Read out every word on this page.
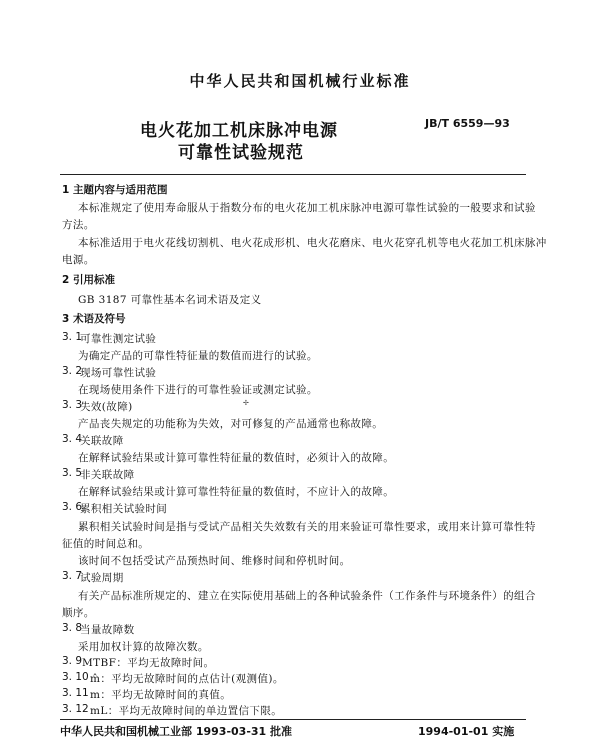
中华人民共和国机械行业标准
电火花加工机床脉冲电源
可靠性试验规范
JB/T 6559—93
1 主题内容与适用范围
本标准规定了使用寿命服从于指数分布的电火花加工机床脉冲电源可靠性试验的一般要求和试验
方法。
本标准适用于电火花线切割机、电火花成形机、电火花磨床、电火花穿孔机等电火花加工机床脉冲
电源。
2 引用标准
GB 3187 可靠性基本名词术语及定义
3 术语及符号
3. 1
可靠性测定试验
为确定产品的可靠性特征量的数值而进行的试验。
3. 2
现场可靠性试验
在现场使用条件下进行的可靠性验证或测定试验。
3. 3
失效(故障)	✢
产品丧失规定的功能称为失效，对可修复的产品通常也称故障。
3. 4
关联故障
在解释试验结果或计算可靠性特征量的数值时，必须计入的故障。
3. 5
非关联故障
在解释试验结果或计算可靠性特征量的数值时，不应计入的故障。
3. 6
累积相关试验时间
累积相关试验时间是指与受试产品相关失效数有关的用来验证可靠性要求，或用来计算可靠性特
征值的时间总和。
该时间不包括受试产品预热时间、维修时间和停机时间。
3. 7
试验周期
有关产品标准所规定的、建立在实际使用基础上的各种试验条件（工作条件与环境条件）的组合
顺序。
3. 8
当量故障数
采用加权计算的故障次数。
3. 9 MTBF：平均无故障时间。
3. 10 m̂：平均无故障时间的点估计(观测值)。
3. 11 m：平均无故障时间的真值。
3. 12 mL：平均无故障时间的单边置信下限。
中华人民共和国机械工业部 1993-03-31 批准	1994-01-01 实施
